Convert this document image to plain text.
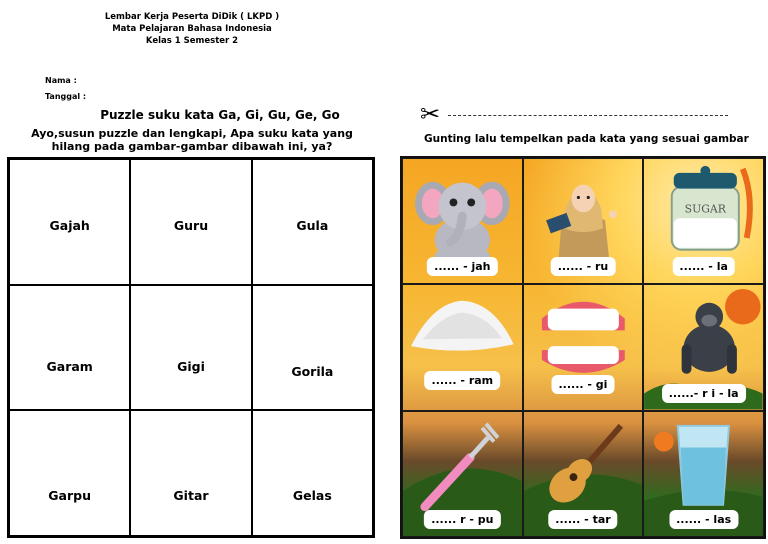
Lembar Kerja Peserta DiDik ( LKPD )
Mata Pelajaran Bahasa Indonesia
Kelas 1 Semester 2
Nama :
Tanggal :
Puzzle suku kata Ga, Gi, Gu, Ge, Go
Ayo,susun puzzle dan lengkapi, Apa suku kata yang
hilang pada gambar-gambar dibawah ini, ya?
Gajah	Guru	Gula
Garam	Gigi	Gorila
Garpu	Gitar	Gelas
✂
Gunting lalu tempelkan pada kata yang sesuai gambar
...... - jah	...... - ru
SUGAR
...... - la
...... - ram	...... - gi
......- r i - la
...... r - pu	...... - tar	...... - las
